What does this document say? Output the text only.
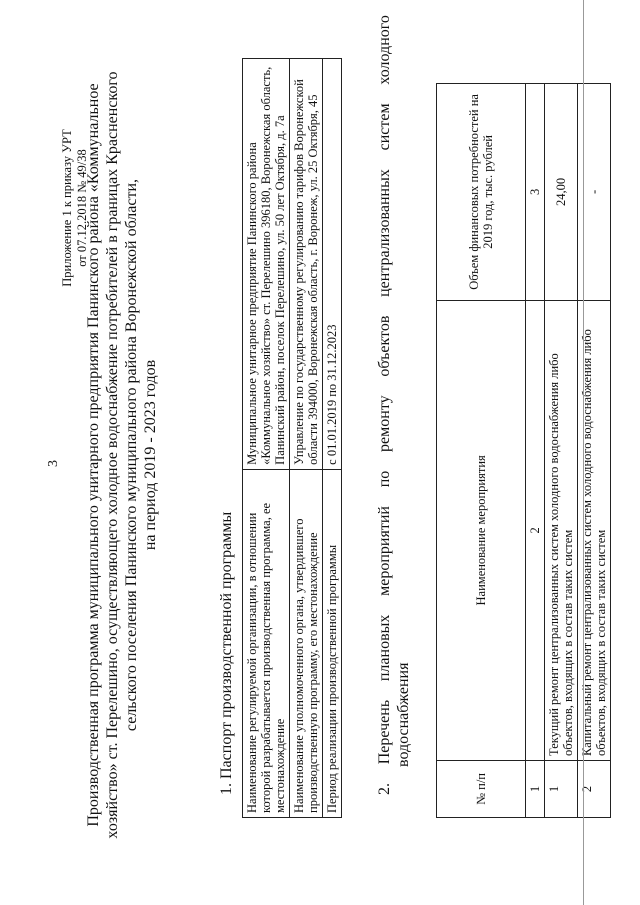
3
Приложение 1 к приказу УРТ от 07.12.2018 № 49/38
Производственная программа муниципального унитарного предприятия Панинского района «Коммунальное хозяйство» ст. Перелешино, осуществляющего холодное водоснабжение потребителей в границах Красненского сельского поселения Панинского муниципального района Воронежской области, на период 2019 - 2023 годов
1. Паспорт производственной программы Наименование регулируемой организации, в отношении которой разрабатывается производственная программа, ее местонахождение	Муниципальное унитарное предприятие Панинского района «Коммунальное хозяйство» ст. Перелешино 396180, Воронежская область, Панинский район, поселок Перелешино, ул. 50 лет Октября, д. 7а
Наименование уполномоченного органа, утвердившего производственную программу, его местонахождение	Управление по государственному регулированию тарифов Воронежской области 394000, Воронежская область, г. Воронеж, ул. 25 Октября, 45
Период реализации производственной программы	с 01.01.2019 по 31.12.2023
2.
Перечень
плановых
мероприятий
по
ремонту
объектов
централизованных
систем
холодного
водоснабжения
№ п/п	Наименование мероприятия	Объем финансовых потребностей на 2019 год, тыс. рублей
1	2	3
1	Текущий ремонт централизованных систем холодного водоснабжения либо объектов, входящих в состав таких систем	24,00
2	Капитальный ремонт централизованных систем холодного водоснабжения либо объектов, входящих в состав таких систем	-
